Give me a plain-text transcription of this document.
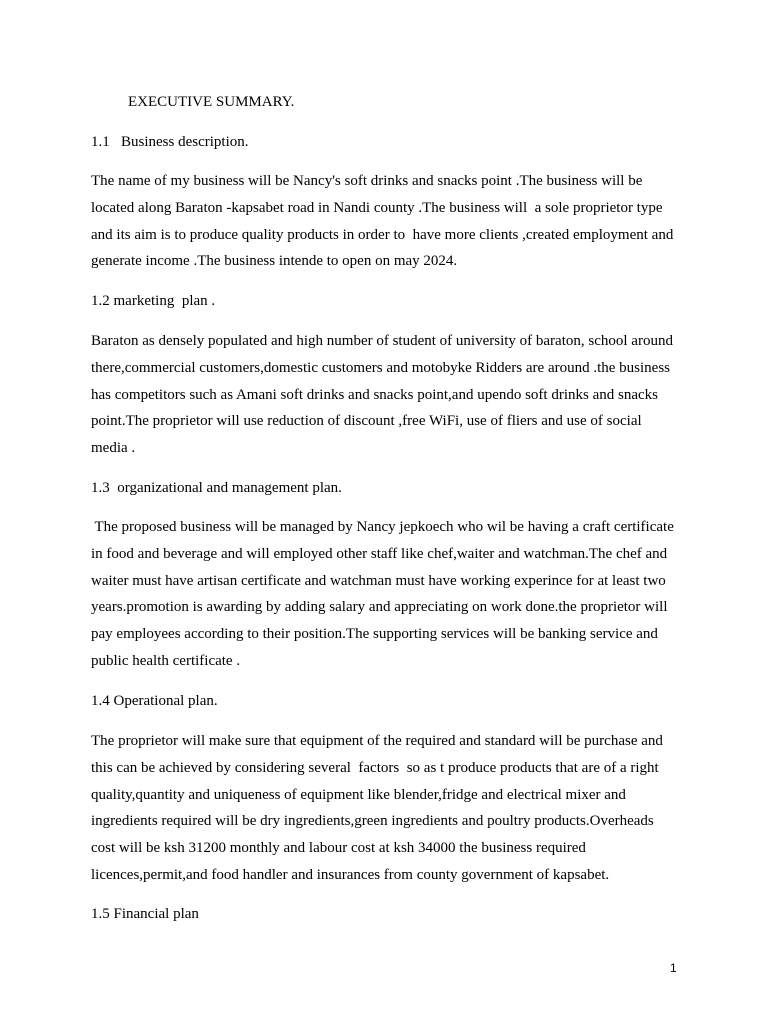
EXECUTIVE SUMMARY.
1.1   Business description.
The name of my business will be Nancy's soft drinks and snacks point .The business will be
located along Baraton -kapsabet road in Nandi county .The business will  a sole proprietor type
and its aim is to produce quality products in order to  have more clients ,created employment and
generate income .The business intende to open on may 2024.
1.2 marketing  plan .
Baraton as densely populated and high number of student of university of baraton, school around
there,commercial customers,domestic customers and motobyke Ridders are around .the business
has competitors such as Amani soft drinks and snacks point,and upendo soft drinks and snacks
point.The proprietor will use reduction of discount ,free WiFi, use of fliers and use of social
media .
1.3  organizational and management plan.
The proposed business will be managed by Nancy jepkoech who wil be having a craft certificate
in food and beverage and will employed other staff like chef,waiter and watchman.The chef and
waiter must have artisan certificate and watchman must have working experince for at least two
years.promotion is awarding by adding salary and appreciating on work done.the proprietor will
pay employees according to their position.The supporting services will be banking service and
public health certificate .
1.4 Operational plan.
The proprietor will make sure that equipment of the required and standard will be purchase and
this can be achieved by considering several  factors  so as t produce products that are of a right
quality,quantity and uniqueness of equipment like blender,fridge and electrical mixer and
ingredients required will be dry ingredients,green ingredients and poultry products.Overheads
cost will be ksh 31200 monthly and labour cost at ksh 34000 the business required
licences,permit,and food handler and insurances from county government of kapsabet.
1.5 Financial plan
1
